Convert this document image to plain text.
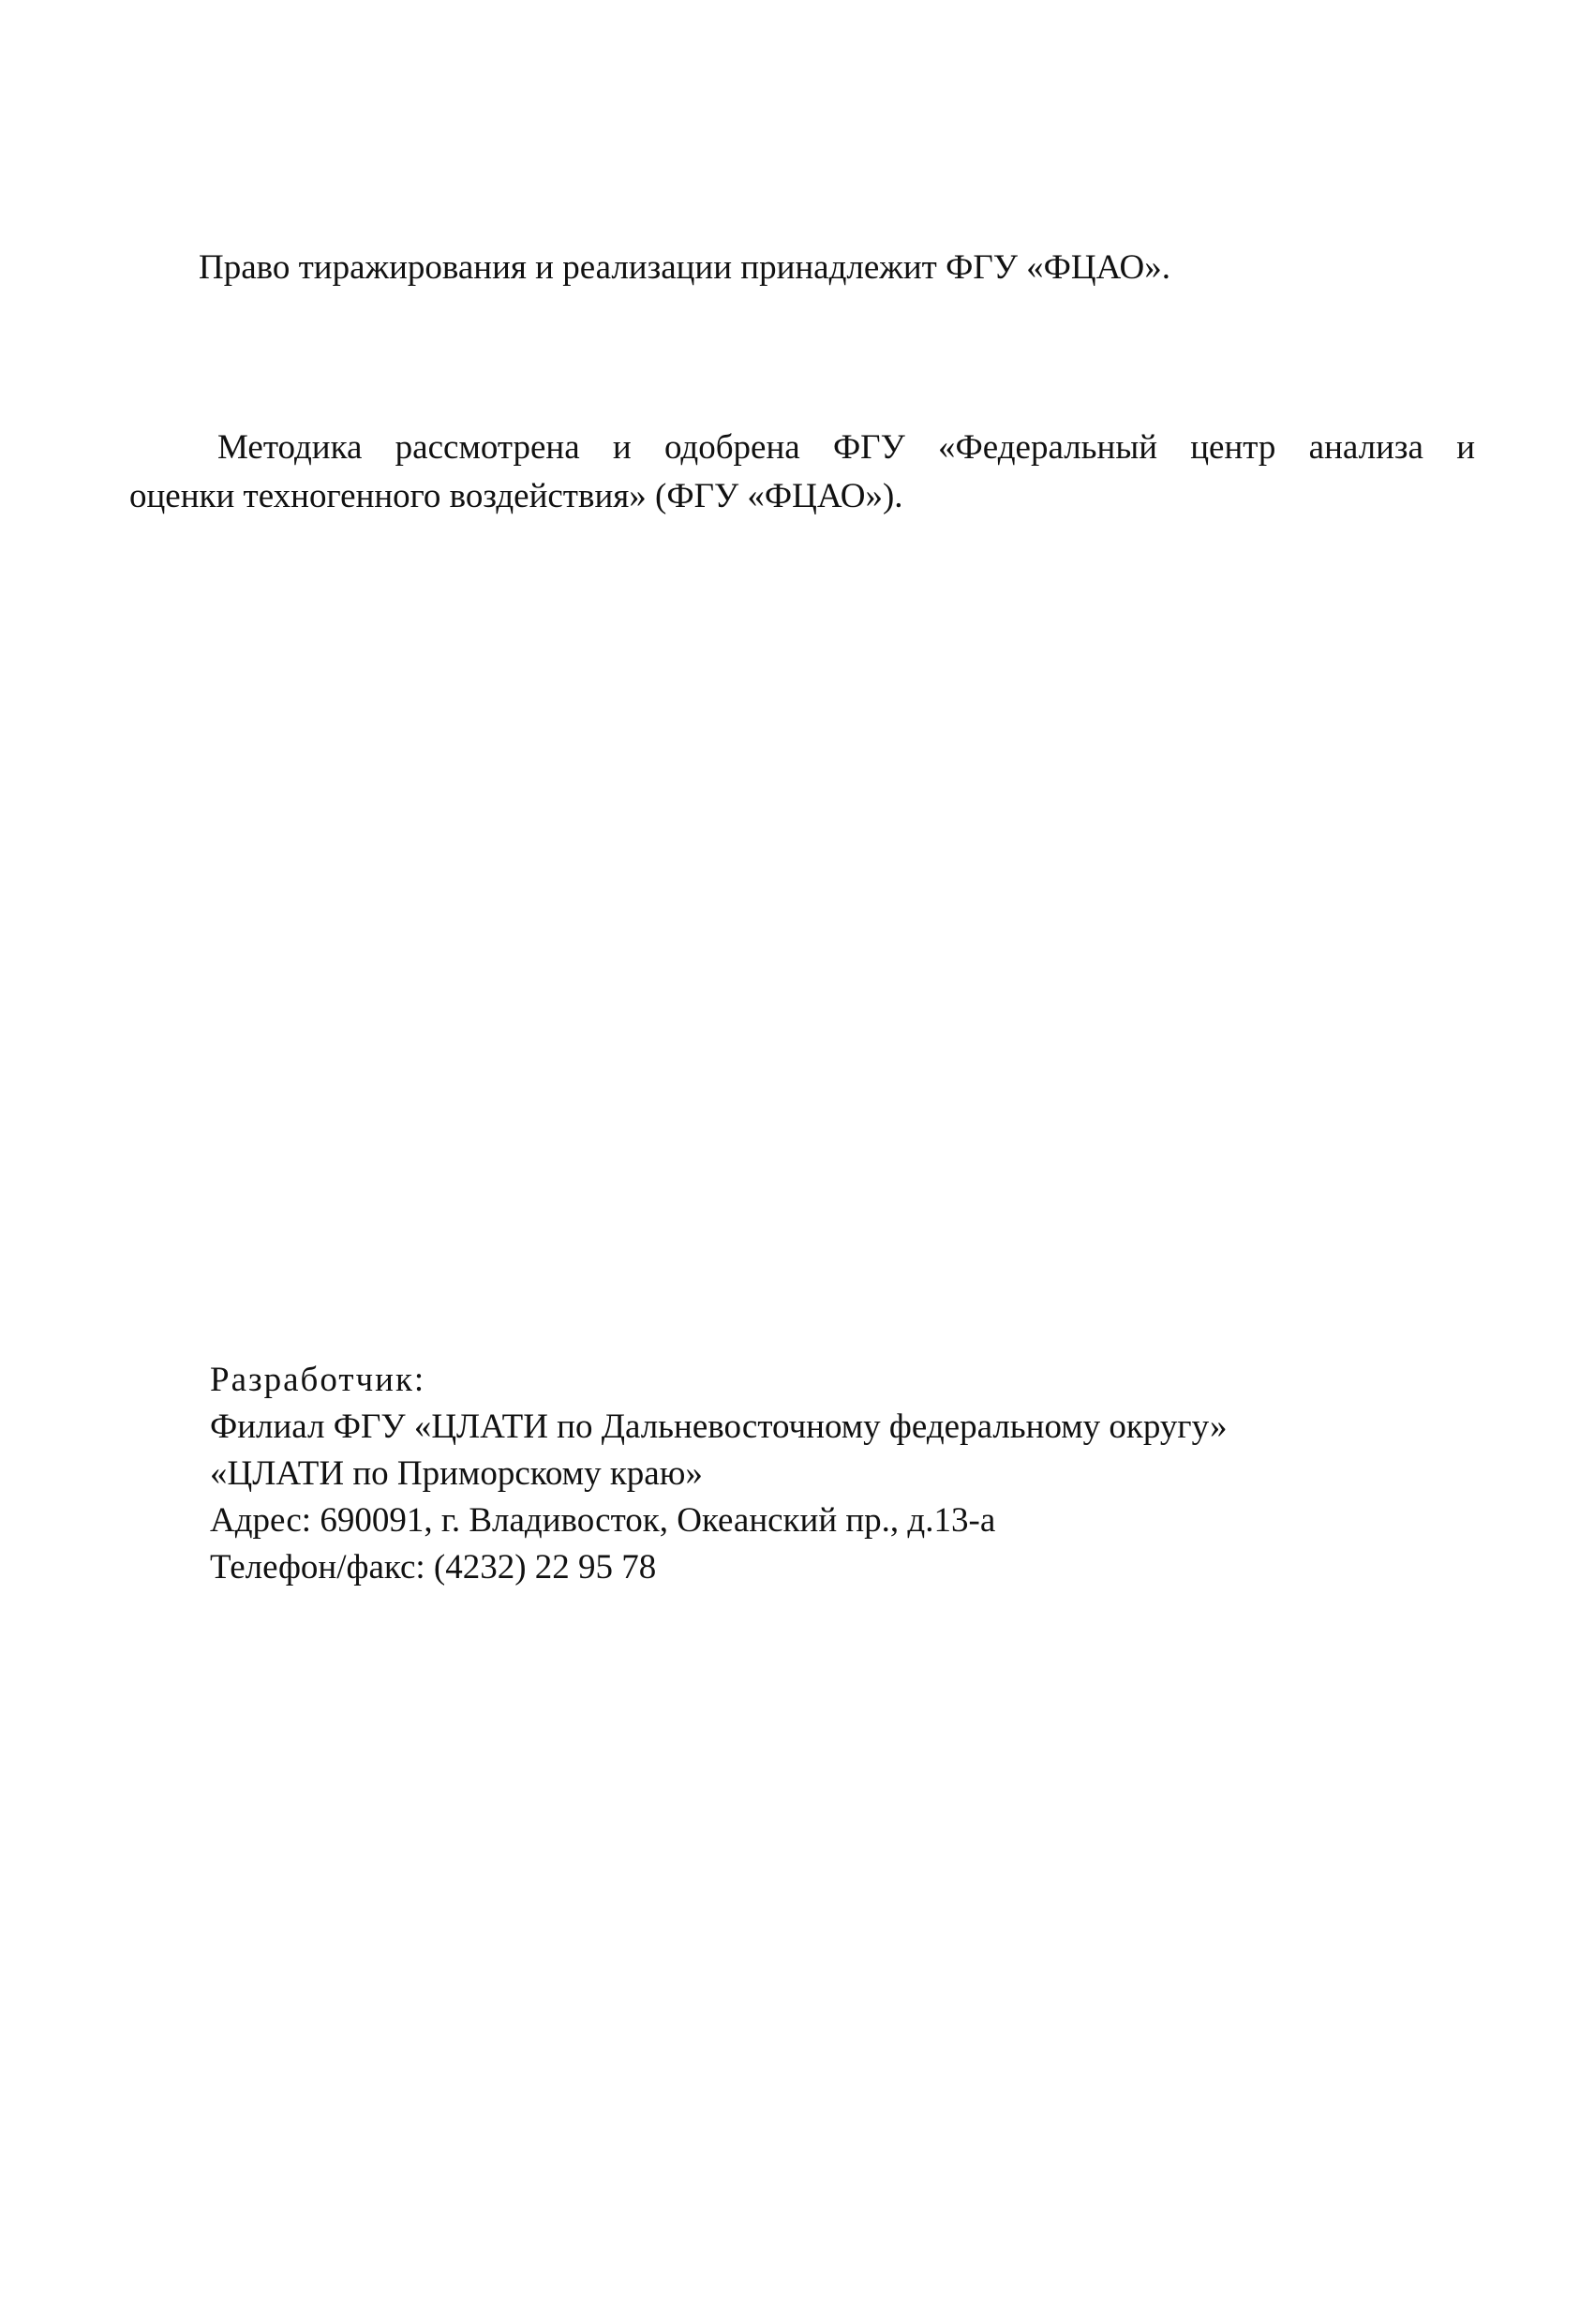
Право тиражирования и реализации принадлежит ФГУ «ФЦАО».
Методика рассмотрена и одобрена ФГУ «Федеральный центр анализа и
оценки техногенного воздействия» (ФГУ «ФЦАО»).
Разработчик:
Филиал ФГУ «ЦЛАТИ по Дальневосточному федеральному округу»
«ЦЛАТИ по Приморскому краю»
Адрес: 690091, г. Владивосток, Океанский пр., д.13-а
Телефон/факс: (4232) 22 95 78
